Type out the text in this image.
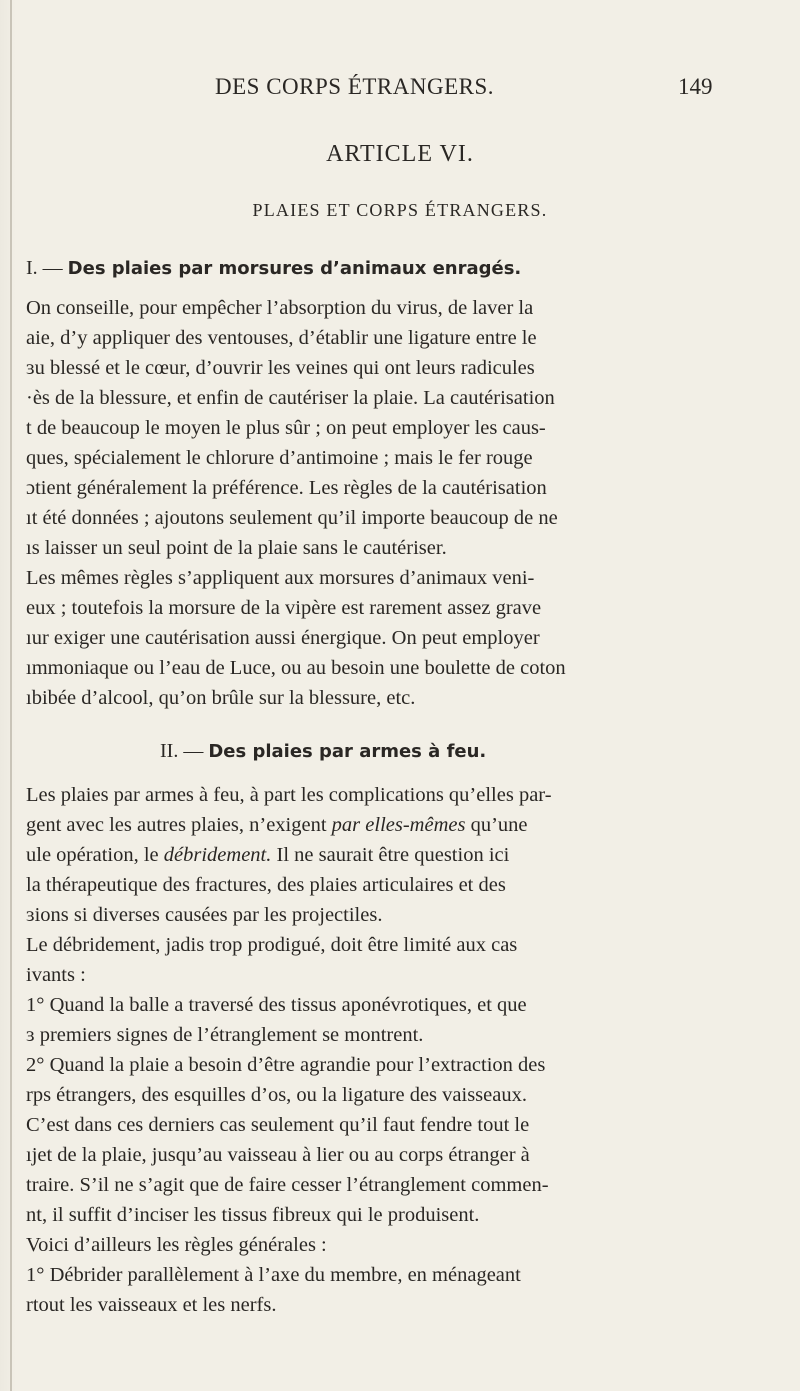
DES CORPS ÉTRANGERS.	149
ARTICLE VI.
PLAIES ET CORPS ÉTRANGERS.
I. — Des plaies par morsures d’animaux enragés.
On conseille, pour empêcher l’absorption du virus, de laver la
aie, d’y appliquer des ventouses, d’établir une ligature entre le
ɜu blessé et le cœur, d’ouvrir les veines qui ont leurs radicules
·ès de la blessure, et enfin de cautériser la plaie. La cautérisation
t de beaucoup le moyen le plus sûr ; on peut employer les caus-
ques, spécialement le chlorure d’antimoine ; mais le fer rouge
ɔtient généralement la préférence. Les règles de la cautérisation
ıt été données ; ajoutons seulement qu’il importe beaucoup de ne
ıs laisser un seul point de la plaie sans le cautériser.
Les mêmes règles s’appliquent aux morsures d’animaux veni-
eux ; toutefois la morsure de la vipère est rarement assez grave
ıur exiger une cautérisation aussi énergique. On peut employer
ımmoniaque ou l’eau de Luce, ou au besoin une boulette de coton
ıbibée d’alcool, qu’on brûle sur la blessure, etc.
II. — Des plaies par armes à feu.
Les plaies par armes à feu, à part les complications qu’elles par-
gent avec les autres plaies, n’exigent par elles-mêmes qu’une
ule opération, le débridement. Il ne saurait être question ici
la thérapeutique des fractures, des plaies articulaires et des
ɜions si diverses causées par les projectiles.
Le débridement, jadis trop prodigué, doit être limité aux cas
ivants :
1° Quand la balle a traversé des tissus aponévrotiques, et que
ɜ premiers signes de l’étranglement se montrent.
2° Quand la plaie a besoin d’être agrandie pour l’extraction des
rps étrangers, des esquilles d’os, ou la ligature des vaisseaux.
C’est dans ces derniers cas seulement qu’il faut fendre tout le
ıjet de la plaie, jusqu’au vaisseau à lier ou au corps étranger à
traire. S’il ne s’agit que de faire cesser l’étranglement commen-
nt, il suffit d’inciser les tissus fibreux qui le produisent.
Voici d’ailleurs les règles générales :
1° Débrider parallèlement à l’axe du membre, en ménageant
rtout les vaisseaux et les nerfs.
